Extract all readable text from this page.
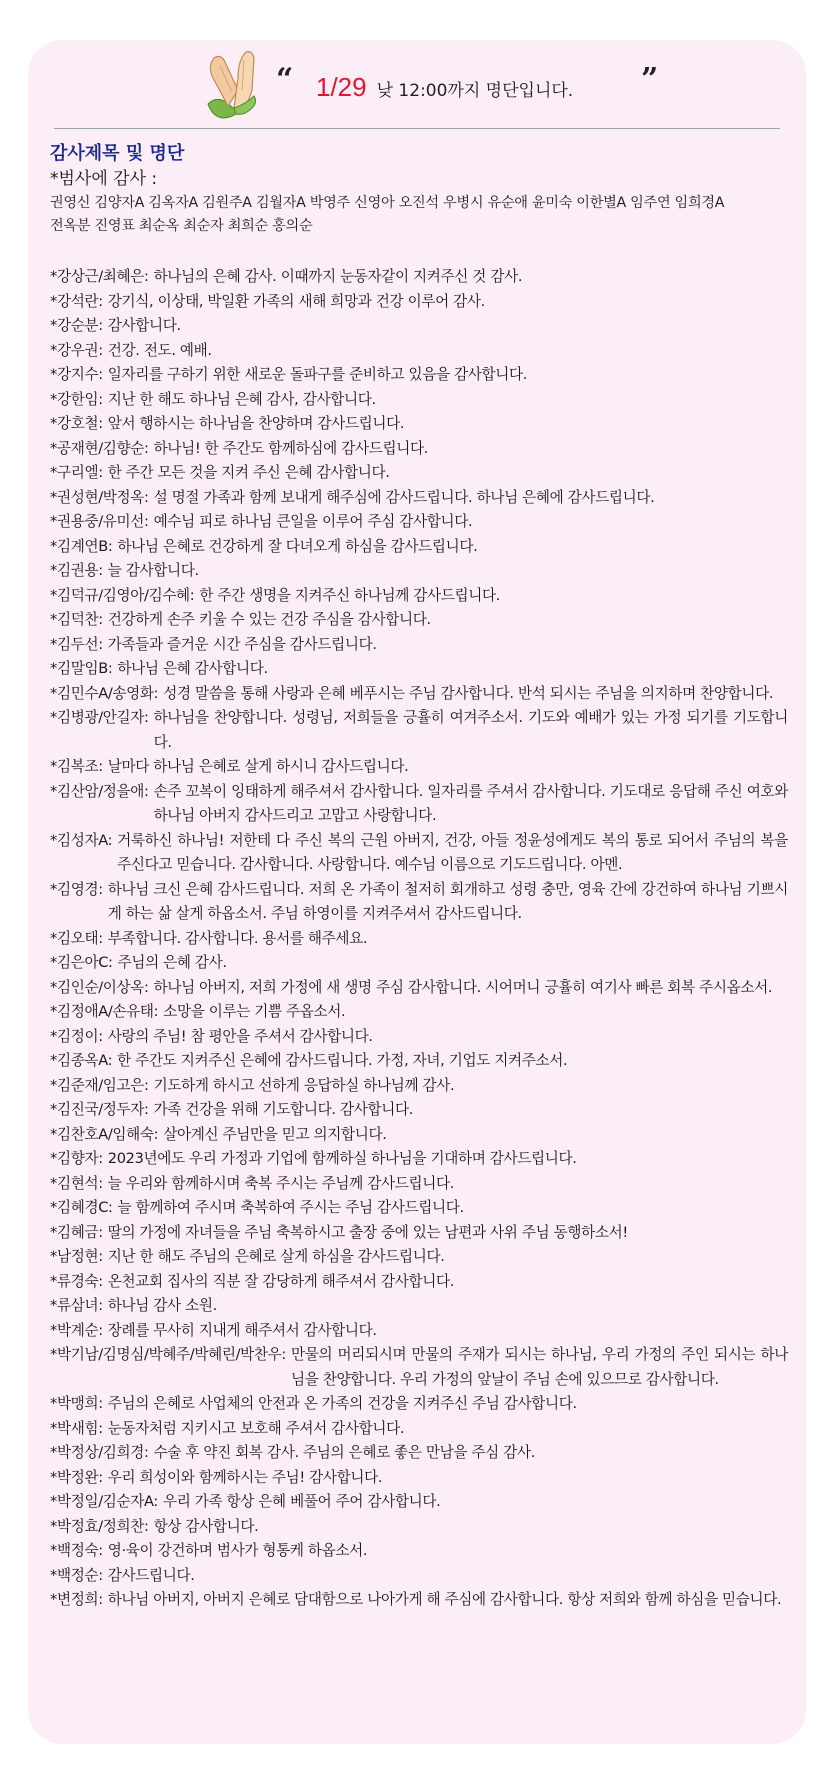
“ 1/29 낮 12:00까지 명단입니다. ”
감사제목 및 명단
*범사에 감사 :
권영신 김양자A 김옥자A 김원주A 김월자A 박영주 신영아 오진석 우병시 유순애 윤미숙 이한별A 임주연 임희경A
전옥분 진영표 최순옥 최순자 최희순 홍의순
*강상근/최혜은: 하나님의 은혜 감사. 이때까지 눈동자같이 지켜주신 것 감사.
*강석란: 강기식, 이상태, 박일환 가족의 새해 희망과 건강 이루어 감사.
*강순분: 감사합니다.
*강우권: 건강. 전도. 예배.
*강지수: 일자리를 구하기 위한 새로운 돌파구를 준비하고 있음을 감사합니다.
*강한임: 지난 한 해도 하나님 은혜 감사, 감사합니다.
*강호철: 앞서 행하시는 하나님을 찬양하며 감사드립니다.
*공재현/김향순: 하나님! 한 주간도 함께하심에 감사드립니다.
*구리엘: 한 주간 모든 것을 지켜 주신 은혜 감사합니다.
*권성현/박정옥: 설 명절 가족과 함께 보내게 해주심에 감사드립니다. 하나님 은혜에 감사드립니다.
*권용중/유미선: 예수님 피로 하나님 큰일을 이루어 주심 감사합니다.
*김계연B: 하나님 은혜로 건강하게 잘 다녀오게 하심을 감사드립니다.
*김권용: 늘 감사합니다.
*김덕규/김영아/김수혜: 한 주간 생명을 지켜주신 하나님께 감사드립니다.
*김덕찬: 건강하게 손주 키울 수 있는 건강 주심을 감사합니다.
*김두선: 가족들과 즐거운 시간 주심을 감사드립니다.
*김말임B: 하나님 은혜 감사합니다.
*김민수A/송영화: 성경 말씀을 통해 사랑과 은혜 베푸시는 주님 감사합니다. 반석 되시는 주님을 의지하며 찬양합니다.
*김병광/안길자: 하나님을 찬양합니다. 성령님, 저희들을 긍휼히 여겨주소서. 기도와 예배가 있는 가정 되기를 기도합니다.
*김복조: 날마다 하나님 은혜로 살게 하시니 감사드립니다.
*김산암/정을애: 손주 꼬복이 잉태하게 해주셔서 감사합니다. 일자리를 주셔서 감사합니다. 기도대로 응답해 주신 여호와 하나님 아버지 감사드리고 고맙고 사랑합니다.
*김성자A: 거룩하신 하나님! 저한테 다 주신 복의 근원 아버지, 건강, 아들 정윤성에게도 복의 통로 되어서 주님의 복을 주신다고 믿습니다. 감사합니다. 사랑합니다. 예수님 이름으로 기도드립니다. 아멘.
*김영경: 하나님 크신 은혜 감사드립니다. 저희 온 가족이 철저히 회개하고 성령 충만, 영육 간에 강건하여 하나님 기쁘시게 하는 삶 살게 하옵소서. 주님 하영이를 지켜주셔서 감사드립니다.
*김오태: 부족합니다. 감사합니다. 용서를 해주세요.
*김은아C: 주님의 은혜 감사.
*김인순/이상옥: 하나님 아버지, 저희 가정에 새 생명 주심 감사합니다. 시어머니 긍휼히 여기사 빠른 회복 주시옵소서.
*김정애A/손유태: 소망을 이루는 기쁨 주옵소서.
*김정이: 사랑의 주님! 참 평안을 주셔서 감사합니다.
*김종옥A: 한 주간도 지켜주신 은혜에 감사드립니다. 가정, 자녀, 기업도 지켜주소서.
*김준재/임고은: 기도하게 하시고 선하게 응답하실 하나님께 감사.
*김진국/정두자: 가족 건강을 위해 기도합니다. 감사합니다.
*김찬호A/임해숙: 살아계신 주님만을 믿고 의지합니다.
*김향자: 2023년에도 우리 가정과 기업에 함께하실 하나님을 기대하며 감사드립니다.
*김현석: 늘 우리와 함께하시며 축복 주시는 주님께 감사드립니다.
*김혜경C: 늘 함께하여 주시며 축복하여 주시는 주님 감사드립니다.
*김혜금: 딸의 가정에 자녀들을 주님 축복하시고 출장 중에 있는 남편과 사위 주님 동행하소서!
*남정현: 지난 한 해도 주님의 은혜로 살게 하심을 감사드립니다.
*류경숙: 온천교회 집사의 직분 잘 감당하게 해주셔서 감사합니다.
*류삼녀: 하나님 감사 소원.
*박계순: 장례를 무사히 지내게 해주셔서 감사합니다.
*박기남/김명심/박혜주/박혜린/박찬우: 만물의 머리되시며 만물의 주재가 되시는 하나님, 우리 가정의 주인 되시는 하나님을 찬양합니다. 우리 가정의 앞날이 주님 손에 있으므로 감사합니다.
*박맹희: 주님의 은혜로 사업체의 안전과 온 가족의 건강을 지켜주신 주님 감사합니다.
*박새힘: 눈동자처럼 지키시고 보호해 주셔서 감사합니다.
*박정상/김희경: 수술 후 약진 회복 감사. 주님의 은혜로 좋은 만남을 주심 감사.
*박정완: 우리 희성이와 함께하시는 주님! 감사합니다.
*박정일/김순자A: 우리 가족 항상 은혜 베풀어 주어 감사합니다.
*박정효/정희찬: 항상 감사합니다.
*백정숙: 영·육이 강건하며 범사가 형통케 하옵소서.
*백정순: 감사드립니다.
*변정희: 하나님 아버지, 아버지 은혜로 담대함으로 나아가게 해 주심에 감사합니다. 항상 저희와 함께 하심을 믿습니다.
